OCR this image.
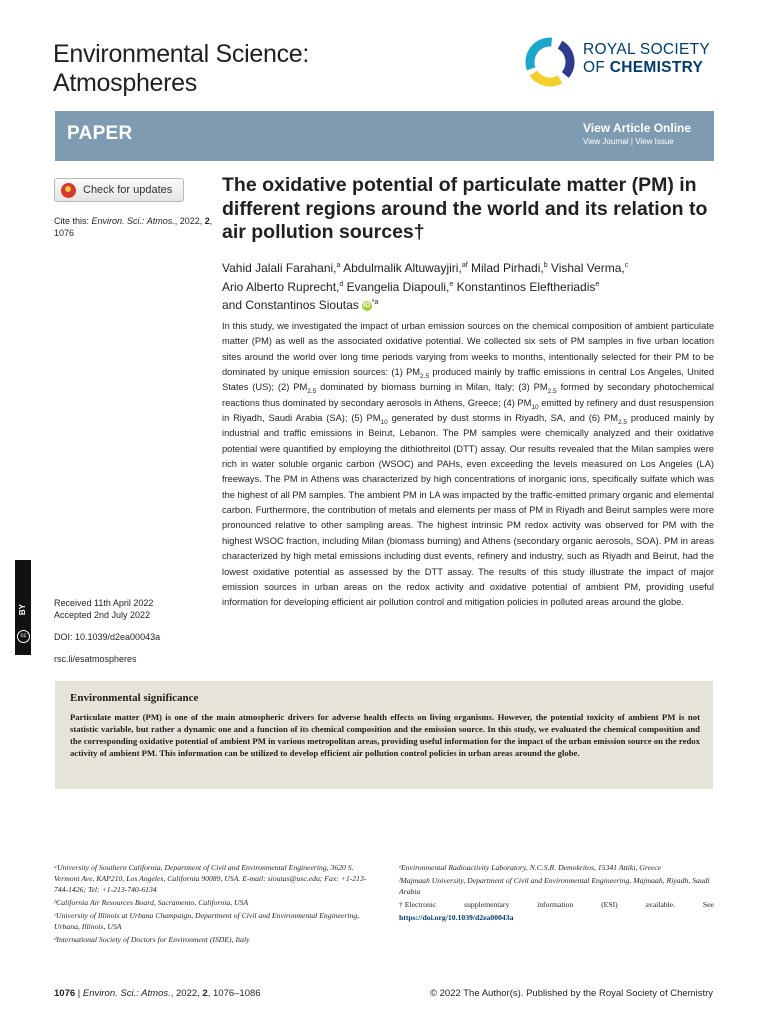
Environmental Science:
Atmospheres
ROYAL SOCIETY
OF CHEMISTRY
PAPER	View Article Online
View Journal | View Issue
Check for updates
Cite this: Environ. Sci.: Atmos., 2022, 2, 1076
The oxidative potential of particulate matter (PM) in different regions around the world and its relation to air pollution sources†
Vahid Jalali Farahani,$^a$ Abdulmalik Altuwayjiri,$^{af}$ Milad Pirhadi,$^b$ Vishal Verma,$^c$
Ario Alberto Ruprecht,$^d$ Evangelia Diapouli,$^e$ Konstantinos Eleftheriadis$^e$
and Constantinos Sioutas iD $^{*a}$
In this study, we investigated the impact of urban emission sources on the chemical composition of ambient particulate matter (PM) as well as the associated oxidative potential. We collected six sets of PM samples in five urban location sites around the world over long time periods varying from weeks to months, intentionally selected for their PM to be dominated by unique emission sources: (1) $PM_{2.5}$ produced mainly by traffic emissions in central Los Angeles, United States (US); (2) $PM_{2.5}$ dominated by biomass burning in Milan, Italy; (3) $PM_{2.5}$ formed by secondary photochemical reactions thus dominated by secondary aerosols in Athens, Greece; (4) $PM_{10}$ emitted by refinery and dust resuspension in Riyadh, Saudi Arabia (SA); (5) $PM_{10}$ generated by dust storms in Riyadh, SA, and (6) $PM_{2.5}$ produced mainly by industrial and traffic emissions in Beirut, Lebanon. The PM samples were chemically analyzed and their oxidative potential were quantified by employing the dithiothreitol (DTT) assay. Our results revealed that the Milan samples were rich in water soluble organic carbon (WSOC) and PAHs, even exceeding the levels measured on Los Angeles (LA) freeways. The PM in Athens was characterized by high concentrations of inorganic ions, specifically sulfate which was the highest of all PM samples. The ambient PM in LA was impacted by the traffic-emitted primary organic and elemental carbon. Furthermore, the contribution of metals and elements per mass of PM in Riyadh and Beirut samples were more pronounced relative to other sampling areas. The highest intrinsic PM redox activity was observed for PM with the highest WSOC fraction, including Milan (biomass burning) and Athens (secondary organic aerosols, SOA). PM in areas characterized by high metal emissions including dust events, refinery and industry, such as Riyadh and Beirut, had the lowest oxidative potential as assessed by the DTT assay. The results of this study illustrate the impact of major emission sources in urban areas on the redox activity and oxidative potential of ambient PM, providing useful information for developing efficient air pollution control and mitigation policies in polluted areas around the globe.
BY
cc
Received 11th April 2022
Accepted 2nd July 2022
DOI: 10.1039/d2ea00043a
rsc.li/esatmospheres
Environmental significance
Particulate matter (PM) is one of the main atmospheric drivers for adverse health effects on living organisms. However, the potential toxicity of ambient PM is not statistic variable, but rather a dynamic one and a function of its chemical composition and the emission source. In this study, we evaluated the chemical composition and the corresponding oxidative potential of ambient PM in various metropolitan areas, providing useful information for the impact of the urban emission source on the redox activity of ambient PM. This information can be utilized to develop efficient air pollution control policies in urban areas around the globe.
ᵃUniversity of Southern California, Department of Civil and Environmental Engineering, 3620 S. Vermont Ave, KAP210, Los Angeles, California 90089, USA. E-mail: sioutas@usc.edu; Fax: +1-213-744-1426; Tel: +1-213-740-6134
ᵇCalifornia Air Resources Board, Sacramento, California, USA
ᶜUniversity of Illinois at Urbana Champaign, Department of Civil and Environmental Engineering, Urbana, Illinois, USA
ᵈInternational Society of Doctors for Environment (ISDE), Italy
ᵉEnvironmental Radioactivity Laboratory, N.C.S.R. Demokritos, 15341 Attiki, Greece
ᶠMajmaah University, Department of Civil and Environmental Engineering, Majmaah, Riyadh, Saudi Arabia
† Electronic	supplementary	information	(ESI)	available.	See
https://doi.org/10.1039/d2ea00043a
1076 | Environ. Sci.: Atmos., 2022, 2, 1076–1086	© 2022 The Author(s). Published by the Royal Society of Chemistry
